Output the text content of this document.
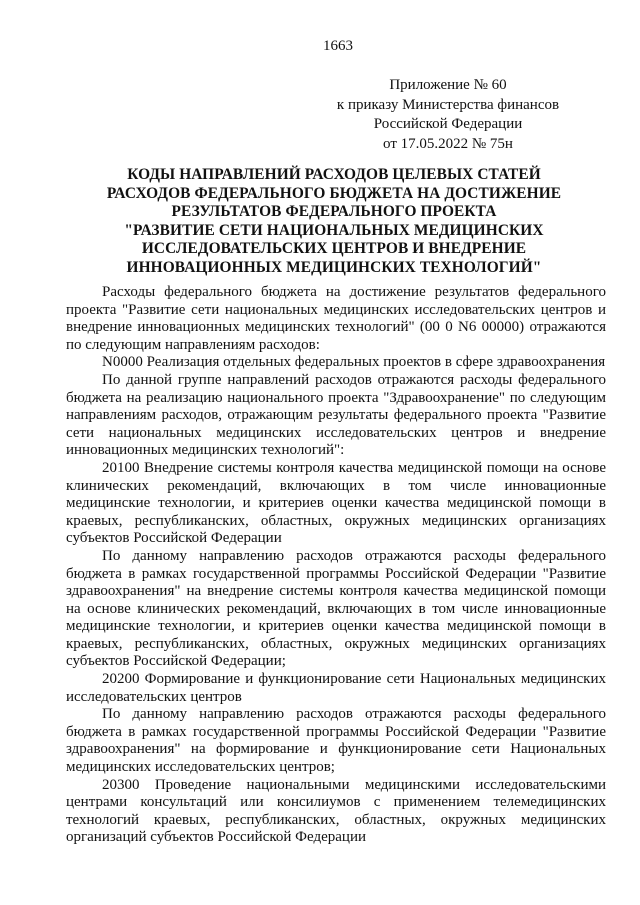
1663
Приложение № 60
к приказу Министерства финансов
Российской Федерации
от 17.05.2022 № 75н
КОДЫ НАПРАВЛЕНИЙ РАСХОДОВ ЦЕЛЕВЫХ СТАТЕЙ
РАСХОДОВ ФЕДЕРАЛЬНОГО БЮДЖЕТА НА ДОСТИЖЕНИЕ
РЕЗУЛЬТАТОВ ФЕДЕРАЛЬНОГО ПРОЕКТА
"РАЗВИТИЕ СЕТИ НАЦИОНАЛЬНЫХ МЕДИЦИНСКИХ
ИССЛЕДОВАТЕЛЬСКИХ ЦЕНТРОВ И ВНЕДРЕНИЕ
ИННОВАЦИОННЫХ МЕДИЦИНСКИХ ТЕХНОЛОГИЙ"

Расходы федерального бюджета на достижение результатов федерального проекта "Развитие сети национальных медицинских исследовательских центров и внедрение инновационных медицинских технологий" (00 0 N6 00000) отражаются по следующим направлениям расходов:

N0000 Реализация отдельных федеральных проектов в сфере здравоохранения

По данной группе направлений расходов отражаются расходы федерального бюджета на реализацию национального проекта "Здравоохранение" по следующим направлениям расходов, отражающим результаты федерального проекта "Развитие сети национальных медицинских исследовательских центров и внедрение инновационных медицинских технологий":

20100 Внедрение системы контроля качества медицинской помощи на основе клинических рекомендаций, включающих в том числе инновационные медицинские технологии, и критериев оценки качества медицинской помощи в краевых, республиканских, областных, окружных медицинских организациях субъектов Российской Федерации

По данному направлению расходов отражаются расходы федерального бюджета в рамках государственной программы Российской Федерации "Развитие здравоохранения" на внедрение системы контроля качества медицинской помощи на основе клинических рекомендаций, включающих в том числе инновационные медицинские технологии, и критериев оценки качества медицинской помощи в краевых, республиканских, областных, окружных медицинских организациях субъектов Российской Федерации;

20200 Формирование и функционирование сети Национальных медицинских исследовательских центров

По данному направлению расходов отражаются расходы федерального бюджета в рамках государственной программы Российской Федерации "Развитие здравоохранения" на формирование и функционирование сети Национальных медицинских исследовательских центров;

20300 Проведение национальными медицинскими исследовательскими центрами консультаций или консилиумов с применением телемедицинских технологий краевых, республиканских, областных, окружных медицинских организаций субъектов Российской Федерации
